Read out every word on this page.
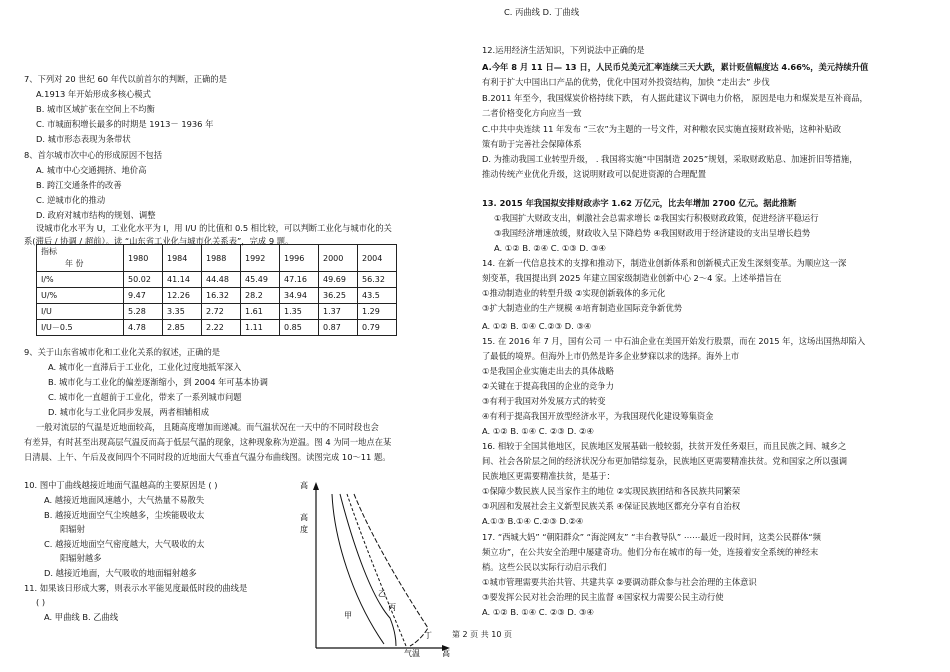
7、下列对 20 世纪 60 年代以前首尔的判断，正确的是
A.1913 年开始形成多核心模式
B. 城市区域扩张在空间上不均衡
C. 市城面积增长最多的时期是 1913－ 1936 年
D. 城市形态表现为条带状
8、首尔城市次中心的形成原因不包括
A. 城市中心交通拥挤、地价高
B. 跨江交通条件的改善
C. 逆城市化的推动
D. 政府对城市结构的规划、调整
设城市化水平为 U，工业化水平为 I，用 I/U 的比值和 0.5 相比较，可以判断工业化与城市化的关
系(滞后 / 协调 / 超前）。读 “山东省工业化与城市化关系表”，完成 9 题。
9、关于山东省城市化和工业化关系的叙述，正确的是
A. 城市化一直滞后于工业化，工业化过度地抵军深入
B. 城市化与工业化的偏差逐渐缩小，到 2004 年可基本协调
C. 城市化一直超前于工业化，带来了一系列城市问题
D. 城市化与工业化同步发展，两者相辅相成
一般对流层的气温是近地面较高， 且随高度增加而递减。而气温状况在一天中的不同时段也会
有差异，有时甚至出现高层气温反而高于低层气温的现象，这种现象称为逆温。图 4 为同一地点在某
日清晨、上午、午后及夜间四个不同时段的近地面大气垂直气温分布曲线图。读图完成 10～11 题。
10. 图中丁曲线越接近地面气温越高的主要原因是 ( )
A. 越接近地面风速越小，大气热量不易散失
B. 越接近地面空气尘埃越多，尘埃能吸收太
阳辐射
C. 越接近地面空气密度越大，大气吸收的太
阳辐射越多
D. 越接近地面，大气吸收的地面辐射越多
11. 如果该日形成大雾，则表示水平能见度最低时段的曲线是
( )
A. 甲曲线 B. 乙曲线
指标
年 份	1980	1984	1988	1992	1996	2000	2004
I/%	50.02	41.14	44.48	45.49	47.16	49.69	56.32
U/%	9.47	12.26	16.32	28.2	34.94	36.25	43.5
I/U	5.28	3.35	2.72	1.61	1.35	1.37	1.29
I/U－0.5	4.78	2.85	2.22	1.11	0.85	0.87	0.79
高
高
度
气温	高
甲
乙
丙
丁
C. 丙曲线 D. 丁曲线
12.运用经济生活知识，下列说法中正确的是
A.今年 8 月 11 日— 13 日，人民币兑美元汇率连续三天大跌，累计贬值幅度达 4.66%，美元持续升值
有利于扩大中国出口产品的优势，优化中国对外投资结构，加快 “走出去” 步伐
B.2011 年至今，我国煤炭价格持续下跌， 有人据此建议下调电力价格， 原因是电力和煤炭是互补商品，
二者价格变化方向应当一致
C.中共中央连续 11 年发布 “三农”为主题的一号文件，对种粮农民实施直接财政补贴，这种补贴政
策有助于完善社会保障体系
D. 为推动我国工业转型升级， . 我国将实施“中国制造 2025”规划，采取财政贴息、加速折旧等措施，
推动传统产业优化升级，这说明财政可以促进资源的合理配置
13. 2015 年我国拟安排财政赤字 1.62 万亿元，比去年增加 2700 亿元。据此推断
①我国扩大财政支出，刺激社会总需求增长 ②我国实行积极财政政策，促进经济平稳运行
③我国经济增速放缓，财政收入呈下降趋势 ④我国财政用于经济建设的支出呈增长趋势
A. ①② B. ②④ C. ①③ D. ③④
14. 在新一代信息技术的支撑和推动下，制造业创新体系和创新模式正发生深刻变革。为顺应这一深
刻变革，我国提出到 2025 年建立国家级制造业创新中心 2～4 家。上述举措旨在
①推动制造业的转型升级 ②实现创新载体的多元化
③扩大制造业的生产规模 ④培育制造业国际竞争新优势
A. ①② B. ①④ C.②③ D. ③④
15. 在 2016 年 7 月，国有公司 一 中石油企业在美国开始发行股票，而在 2015 年，这场出国热却陷入
了最低的境界。但海外上市仍然是许多企业梦寐以求的选择。海外上市
①是我国企业实施走出去的具体战略
②关键在于提高我国的企业的竞争力
③有利于我国对外发展方式的转变
④有利于提高我国开放型经济水平，为我国现代化建设筹集资金
A. ①② B. ①④ C. ②③ D. ②④
16. 相较于全国其他地区，民族地区发展基础一般较弱，扶贫开发任务艰巨，而且民族之间、城乡之
间、社会各阶层之间的经济状况分布更加错综复杂，民族地区更需要精准扶贫。党和国家之所以强调
民族地区更需要精准扶贫，是基于：
①保障少数民族人民当家作主的地位 ②实现民族团结和各民族共同繁荣
③巩固和发展社会主义新型民族关系 ④保证民族地区都充分享有自治权
A.①③ B.①④ C.②③ D.②④
17. “西城大妈” “朝阳群众” “海淀网友” “丰台教导队” ⋯⋯最近一段时间，这类公民群体“频
频立功”，在公共安全治理中屡建奇功。他们分布在城市的每一处，连接着安全系统的神经末
梢。这些公民以实际行动启示我们
①城市管理需要共治共管、共建共享 ②要调动群众参与社会治理的主体意识
③要发挥公民对社会治理的民主监督 ④国家权力需要公民主动行使
A. ①② B. ①④ C. ②③ D. ③④
第 2 页 共 10 页
